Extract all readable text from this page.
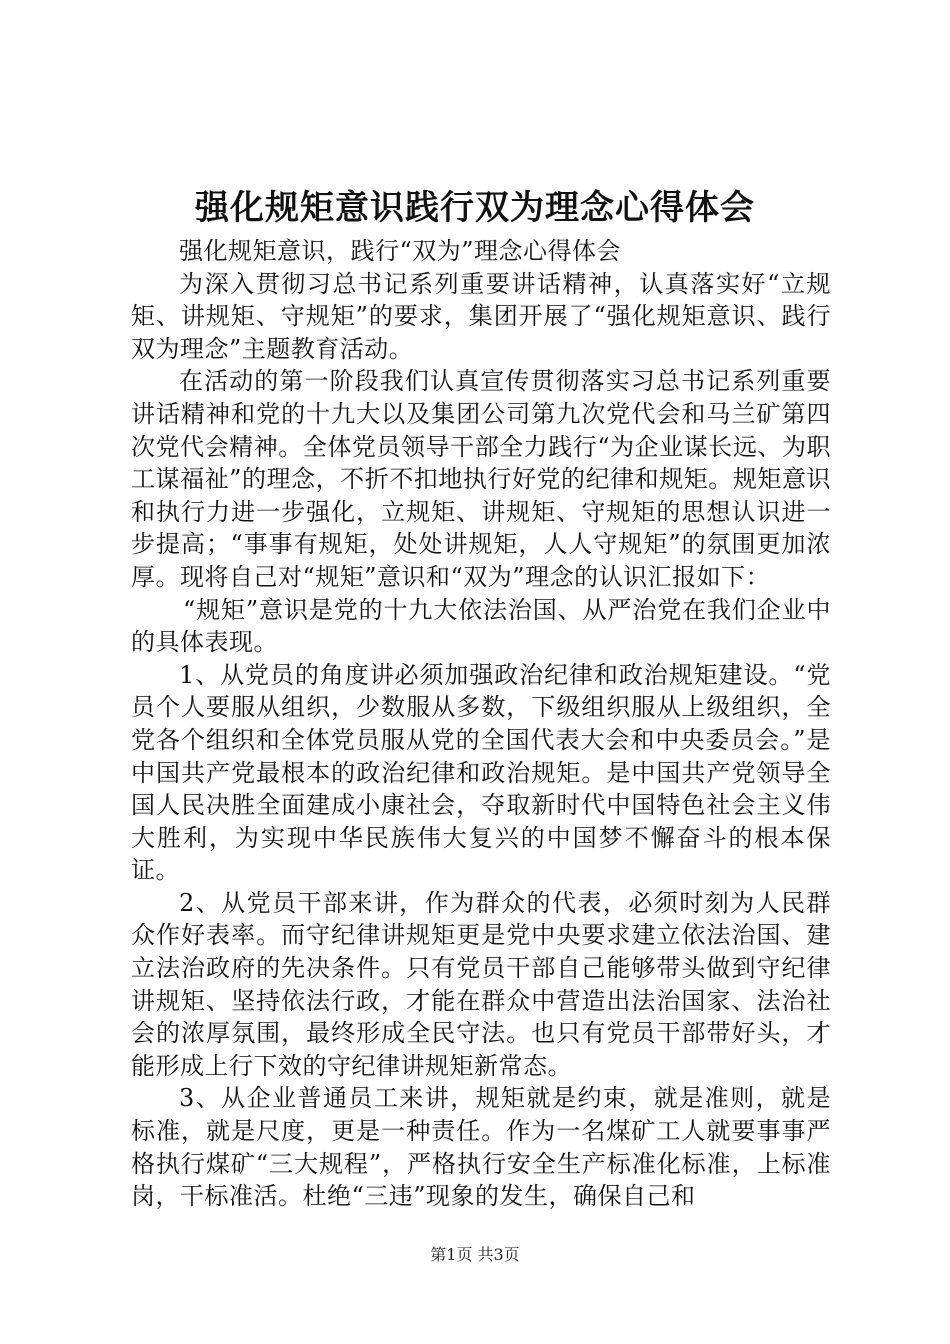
强化规矩意识践行双为理念心得体会

强化规矩意识，践行“双为”理念心得体会

为深入贯彻习总书记系列重要讲话精神，认真落实好“立规矩、讲规矩、守规矩”的要求，集团开展了“强化规矩意识、践行双为理念”主题教育活动。

在活动的第一阶段我们认真宣传贯彻落实习总书记系列重要讲话精神和党的十九大以及集团公司第九次党代会和马兰矿第四次党代会精神。全体党员领导干部全力践行“为企业谋长远、为职工谋福祉”的理念，不折不扣地执行好党的纪律和规矩。规矩意识和执行力进一步强化，立规矩、讲规矩、守规矩的思想认识进一步提高；“事事有规矩，处处讲规矩，人人守规矩”的氛围更加浓厚。现将自己对“规矩”意识和“双为”理念的认识汇报如下：

“规矩”意识是党的十九大依法治国、从严治党在我们企业中的具体表现。

1、从党员的角度讲必须加强政治纪律和政治规矩建设。“党员个人要服从组织，少数服从多数，下级组织服从上级组织，全党各个组织和全体党员服从党的全国代表大会和中央委员会。”是中国共产党最根本的政治纪律和政治规矩。是中国共产党领导全国人民决胜全面建成小康社会，夺取新时代中国特色社会主义伟大胜利，为实现中华民族伟大复兴的中国梦不懈奋斗的根本保证。

2、从党员干部来讲，作为群众的代表，必须时刻为人民群众作好表率。而守纪律讲规矩更是党中央要求建立依法治国、建立法治政府的先决条件。只有党员干部自己能够带头做到守纪律讲规矩、坚持依法行政，才能在群众中营造出法治国家、法治社会的浓厚氛围，最终形成全民守法。也只有党员干部带好头，才能形成上行下效的守纪律讲规矩新常态。

3、从企业普通员工来讲，规矩就是约束，就是准则，就是标准，就是尺度，更是一种责任。作为一名煤矿工人就要事事严格执行煤矿“三大规程”，严格执行安全生产标准化标准，上标准岗，干标准活。杜绝“三违”现象的发生，确保自己和

第1页 共3页
